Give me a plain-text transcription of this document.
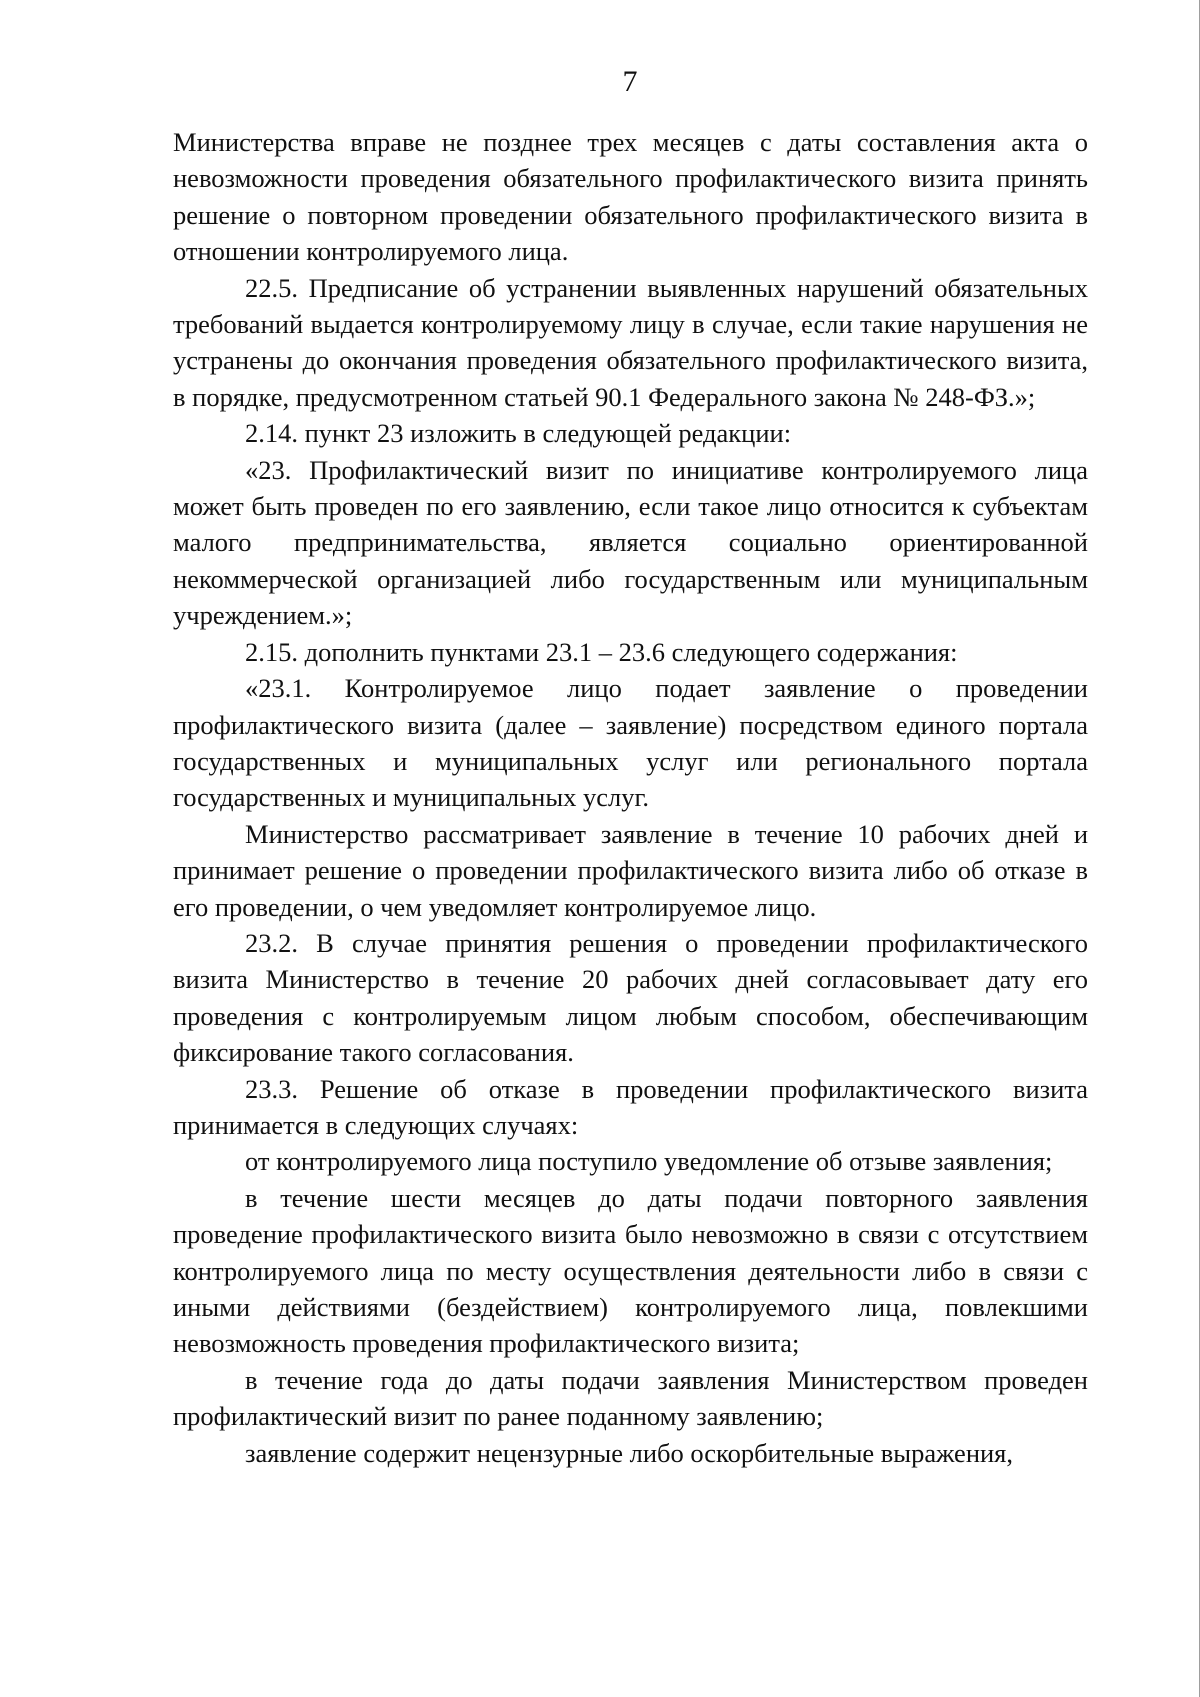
7

Министерства вправе не позднее трех месяцев с даты составления акта о невозможности проведения обязательного профилактического визита принять решение о повторном проведении обязательного профилактического визита в отношении контролируемого лица.

22.5. Предписание об устранении выявленных нарушений обязательных требований выдается контролируемому лицу в случае, если такие нарушения не устранены до окончания проведения обязательного профилактического визита, в порядке, предусмотренном статьей 90.1 Федерального закона № 248-ФЗ.»;

2.14. пункт 23 изложить в следующей редакции:

«23. Профилактический визит по инициативе контролируемого лица может быть проведен по его заявлению, если такое лицо относится к субъектам малого предпринимательства, является социально ориентированной некоммерческой организацией либо государственным или муниципальным учреждением.»;

2.15. дополнить пунктами 23.1 – 23.6 следующего содержания:

«23.1. Контролируемое лицо подает заявление о проведении профилактического визита (далее – заявление) посредством единого портала государственных и муниципальных услуг или регионального портала государственных и муниципальных услуг.

Министерство рассматривает заявление в течение 10 рабочих дней и принимает решение о проведении профилактического визита либо об отказе в его проведении, о чем уведомляет контролируемое лицо.

23.2. В случае принятия решения о проведении профилактического визита Министерство в течение 20 рабочих дней согласовывает дату его проведения с контролируемым лицом любым способом, обеспечивающим фиксирование такого согласования.

23.3. Решение об отказе в проведении профилактического визита принимается в следующих случаях:

от контролируемого лица поступило уведомление об отзыве заявления;

в течение шести месяцев до даты подачи повторного заявления проведение профилактического визита было невозможно в связи с отсутствием контролируемого лица по месту осуществления деятельности либо в связи с иными действиями (бездействием) контролируемого лица, повлекшими невозможность проведения профилактического визита;

в течение года до даты подачи заявления Министерством проведен профилактический визит по ранее поданному заявлению;

заявление содержит нецензурные либо оскорбительные выражения,
